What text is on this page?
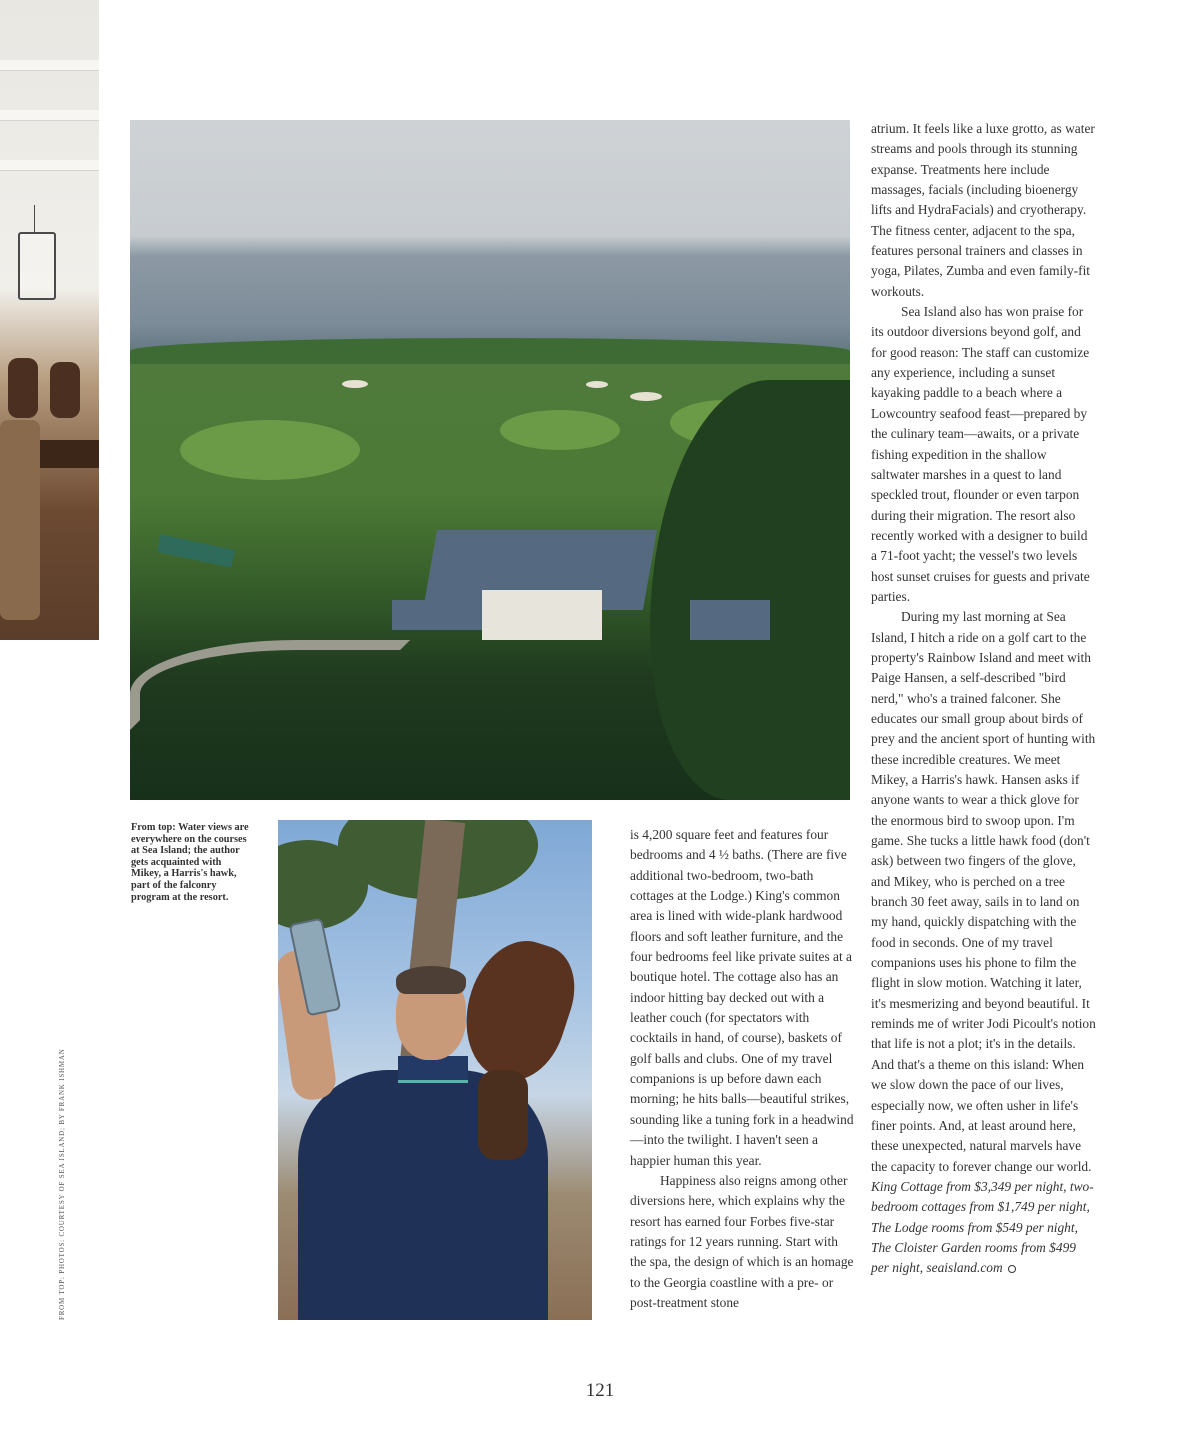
From top: Water views are everywhere on the courses at Sea Island; the author gets acquainted with Mikey, a Harris's hawk, part of the falconry program at the resort.
FROM TOP: PHOTOS: COURTESY OF SEA ISLAND; BY FRANK ISHMAN

is 4,200 square feet and features four bedrooms and 4 ½ baths. (There are five additional two-bedroom, two-bath cottages at the Lodge.) King's common area is lined with wide-plank hardwood floors and soft leather furniture, and the four bedrooms feel like private suites at a boutique hotel. The cottage also has an indoor hitting bay decked out with a leather couch (for spectators with cocktails in hand, of course), baskets of golf balls and clubs. One of my travel companions is up before dawn each morning; he hits balls—beautiful strikes, sounding like a tuning fork in a headwind—into the twilight. I haven't seen a happier human this year.

Happiness also reigns among other diversions here, which explains why the resort has earned four Forbes five-star ratings for 12 years running. Start with the spa, the design of which is an homage to the Georgia coastline with a pre- or post-treatment stone

atrium. It feels like a luxe grotto, as water streams and pools through its stunning expanse. Treatments here include massages, facials (including bioenergy lifts and HydraFacials) and cryotherapy. The fitness center, adjacent to the spa, features personal trainers and classes in yoga, Pilates, Zumba and even family-fit workouts.

Sea Island also has won praise for its outdoor diversions beyond golf, and for good reason: The staff can customize any experience, including a sunset kayaking paddle to a beach where a Lowcountry seafood feast—prepared by the culinary team—awaits, or a private fishing expedition in the shallow saltwater marshes in a quest to land speckled trout, flounder or even tarpon during their migration. The resort also recently worked with a designer to build a 71-foot yacht; the vessel's two levels host sunset cruises for guests and private parties.

During my last morning at Sea Island, I hitch a ride on a golf cart to the property's Rainbow Island and meet with Paige Hansen, a self-described "bird nerd," who's a trained falconer. She educates our small group about birds of prey and the ancient sport of hunting with these incredible creatures. We meet Mikey, a Harris's hawk. Hansen asks if anyone wants to wear a thick glove for the enormous bird to swoop upon. I'm game. She tucks a little hawk food (don't ask) between two fingers of the glove, and Mikey, who is perched on a tree branch 30 feet away, sails in to land on my hand, quickly dispatching with the food in seconds. One of my travel companions uses his phone to film the flight in slow motion. Watching it later, it's mesmerizing and beyond beautiful. It reminds me of writer Jodi Picoult's notion that life is not a plot; it's in the details. And that's a theme on this island: When we slow down the pace of our lives, especially now, we often usher in life's finer points. And, at least around here, these unexpected, natural marvels have the capacity to forever change our world.

King Cottage from $3,349 per night, two-bedroom cottages from $1,749 per night, The Lodge rooms from $549 per night, The Cloister Garden rooms from $499 per night, seaisland.com

121
